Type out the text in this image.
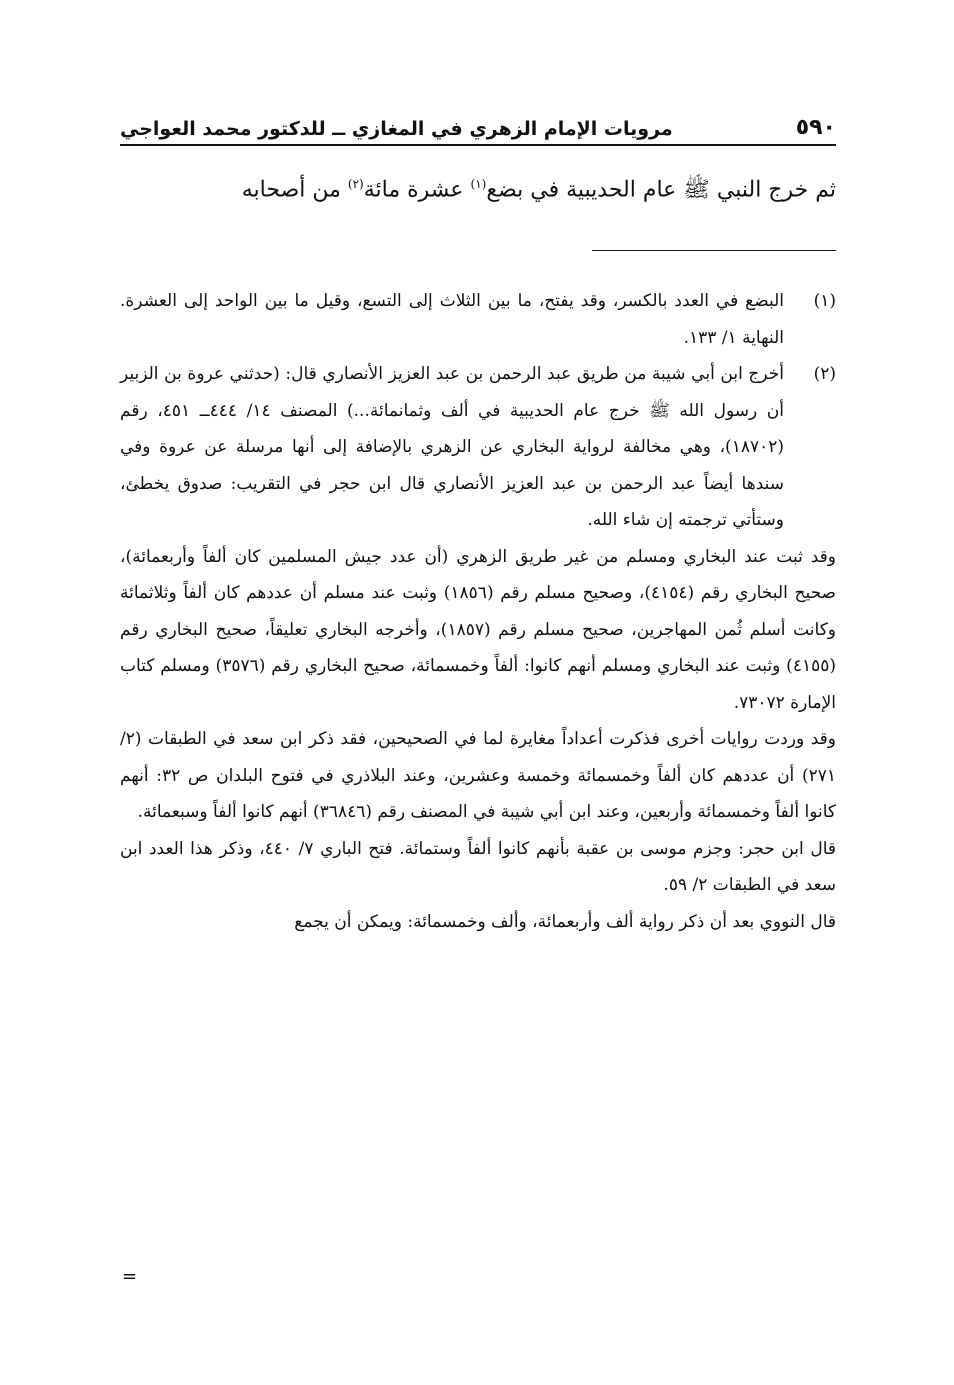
مرويات الإمام الزهري في المغازي ــ للدكتور محمد العواجي	٥٩٠
ثم خرج النبي ﷺ عام الحديبية في بضع$^{(١)}$ عشرة مائة$^{(٢)}$ من أصحابه
(١)

البضع في العدد بالكسر، وقد يفتح، ما بين الثلاث إلى التسع، وقيل ما بين الواحد إلى العشرة. النهاية ١/ ١٣٣.

(٢)

أخرج ابن أبي شيبة من طريق عبد الرحمن بن عبد العزيز الأنصاري قال: (حدثني عروة بن الزبير أن رسول الله ﷺ خرج عام الحديبية في ألف وثمانمائة...) المصنف ١٤/ ٤٤٤ــ ٤٥١، رقم (١٨٧٠٢)، وهي مخالفة لرواية البخاري عن الزهري بالإضافة إلى أنها مرسلة عن عروة وفي سندها أيضاً عبد الرحمن بن عبد العزيز الأنصاري قال ابن حجر في التقريب: صدوق يخطئ، وستأتي ترجمته إن شاء الله.

وقد ثبت عند البخاري ومسلم من غير طريق الزهري (أن عدد جيش المسلمين كان ألفاً وأربعمائة)، صحيح البخاري رقم (٤١٥٤)، وصحيح مسلم رقم (١٨٥٦) وثبت عند مسلم أن عددهم كان ألفاً وثلاثمائة وكانت أسلم ثُمن المهاجرين، صحيح مسلم رقم (١٨٥٧)، وأخرجه البخاري تعليقاً، صحيح البخاري رقم (٤١٥٥) وثبت عند البخاري ومسلم أنهم كانوا: ألفاً وخمسمائة، صحيح البخاري رقم (٣٥٧٦) ومسلم كتاب الإمارة ٧٣٠٧٢.

وقد وردت روايات أخرى فذكرت أعداداً مغايرة لما في الصحيحين، فقد ذكر ابن سعد في الطبقات (٢/ ٢٧١) أن عددهم كان ألفاً وخمسمائة وخمسة وعشرين، وعند البلاذري في فتوح البلدان ص ٣٢: أنهم كانوا ألفاً وخمسمائة وأربعين، وعند ابن أبي شيبة في المصنف رقم (٣٦٨٤٦) أنهم كانوا ألفاً وسبعمائة.

قال ابن حجر: وجزم موسى بن عقبة بأنهم كانوا ألفاً وستمائة. فتح الباري ٧/ ٤٤٠، وذكر هذا العدد ابن سعد في الطبقات ٢/ ٥٩.

قال النووي بعد أن ذكر رواية ألف وأربعمائة، وألف وخمسمائة: ويمكن أن يجمع

=
